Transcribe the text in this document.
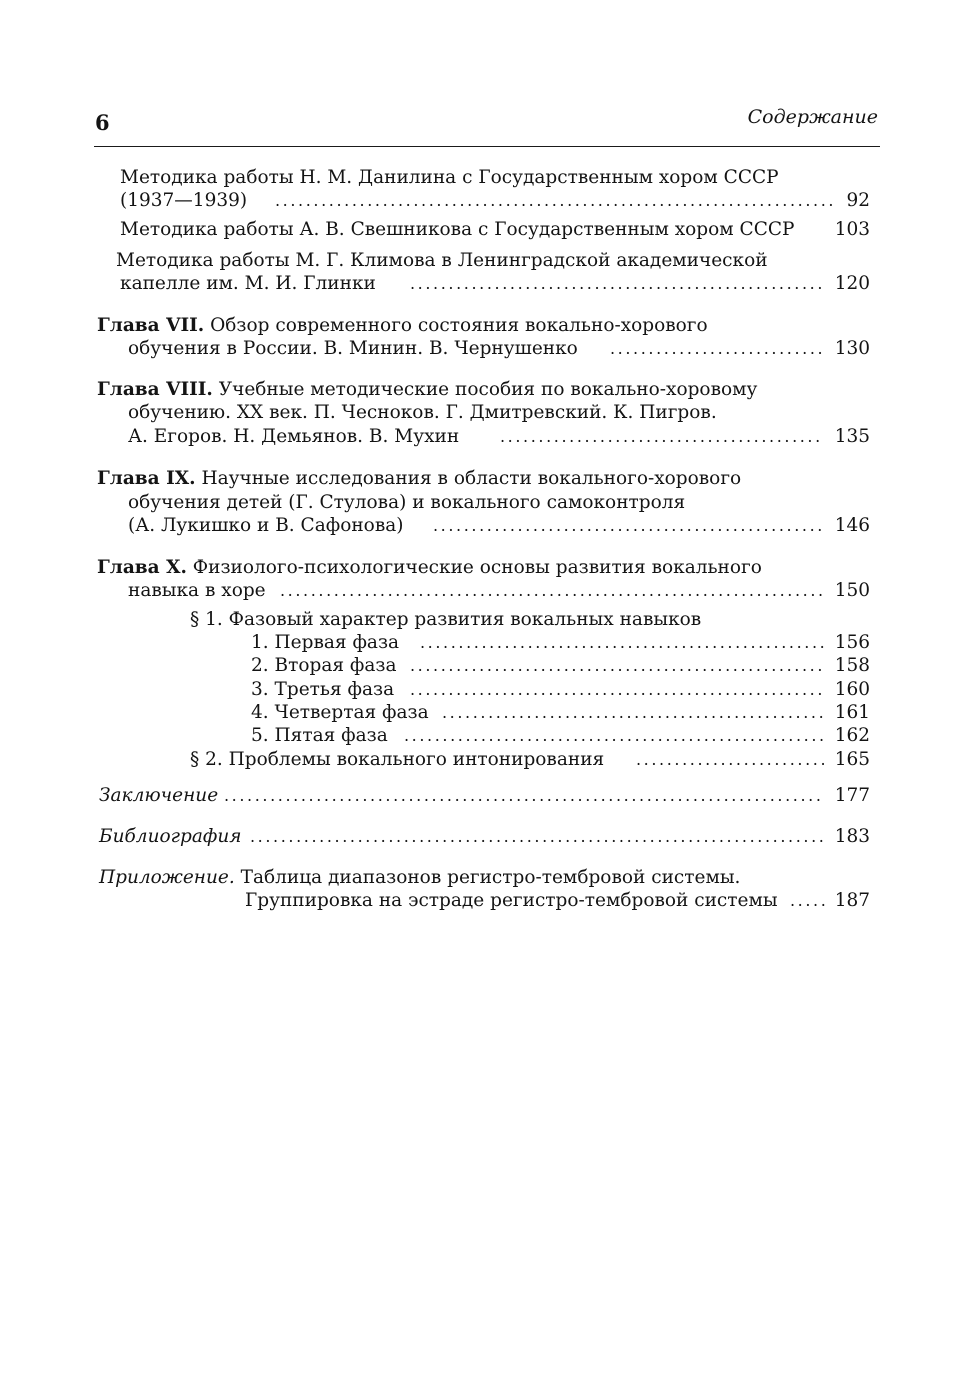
6	Содержание
Методика работы Н. М. Данилина с Государственным хором СССР
(1937—1939) .....	92
Методика работы А. В. Свешникова с Государственным хором СССР	103
Методика работы М. Г. Климова в Ленинградской академической
капелле им. М. И. Глинки .....	120
Глава VII. Обзор современного состояния вокально-хорового
обучения в России. В. Минин. В. Чернушенко .....	130
Глава VIII. Учебные методические пособия по вокально-хоровому
обучению. XX век. П. Чесноков. Г. Дмитревский. К. Пигров.
А. Егоров. Н. Демьянов. В. Мухин .....	135
Глава IX. Научные исследования в области вокального-хорового
обучения детей (Г. Стулова) и вокального самоконтроля
(А. Лукишко и В. Сафонова) .....	146
Глава X. Физиолого-психологические основы развития вокального
навыка в хоре .....	150
§ 1. Фазовый характер развития вокальных навыков
1. Первая фаза .....	156
2. Вторая фаза .....	158
3. Третья фаза .....	160
4. Четвертая фаза .....	161
5. Пятая фаза .....	162
§ 2. Проблемы вокального интонирования .....	165
Заключение .....	177
Библиография .....	183
Приложение. Таблица диапазонов регистро-тембровой системы.
Группировка на эстраде регистро-тембровой системы .....	187
